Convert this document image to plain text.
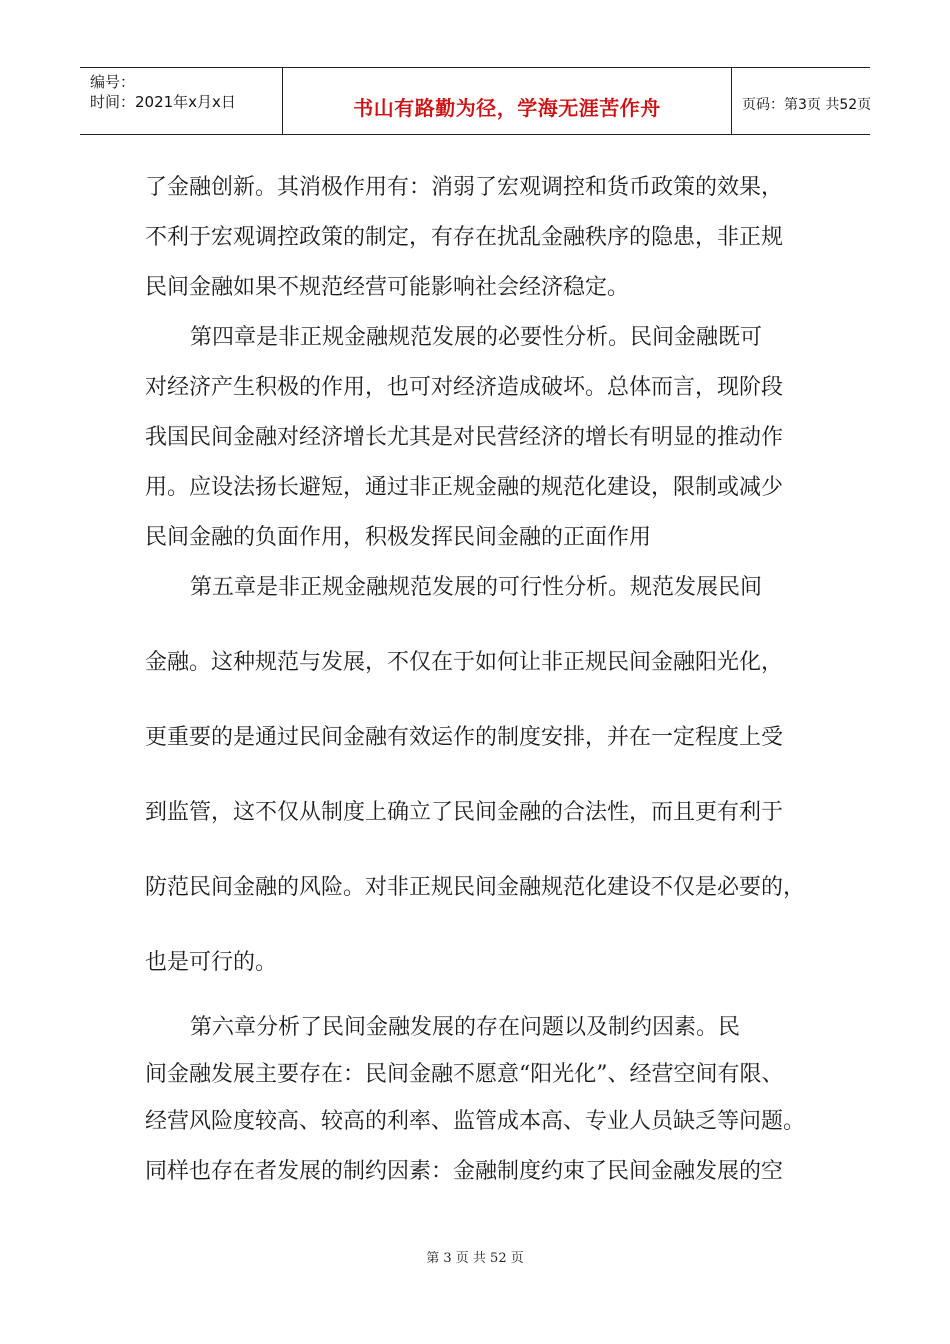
编号：
时间：2021年x月x日	书山有路勤为径，学海无涯苦作舟	页码：第3页 共52页
了金融创新。其消极作用有：消弱了宏观调控和货币政策的效果，
不利于宏观调控政策的制定，有存在扰乱金融秩序的隐患，非正规
民间金融如果不规范经营可能影响社会经济稳定。
第四章是非正规金融规范发展的必要性分析。民间金融既可
对经济产生积极的作用，也可对经济造成破坏。总体而言，现阶段
我国民间金融对经济增长尤其是对民营经济的增长有明显的推动作
用。应设法扬长避短，通过非正规金融的规范化建设，限制或减少
民间金融的负面作用，积极发挥民间金融的正面作用
第五章是非正规金融规范发展的可行性分析。规范发展民间
金融。这种规范与发展，不仅在于如何让非正规民间金融阳光化，
更重要的是通过民间金融有效运作的制度安排，并在一定程度上受
到监管，这不仅从制度上确立了民间金融的合法性，而且更有利于
防范民间金融的风险。对非正规民间金融规范化建设不仅是必要的，
也是可行的。
第六章分析了民间金融发展的存在问题以及制约因素。民
间金融发展主要存在：民间金融不愿意“阳光化”、经营空间有限、
经营风险度较高、较高的利率、监管成本高、专业人员缺乏等问题。
同样也存在者发展的制约因素：金融制度约束了民间金融发展的空
第 3 页 共 52 页
